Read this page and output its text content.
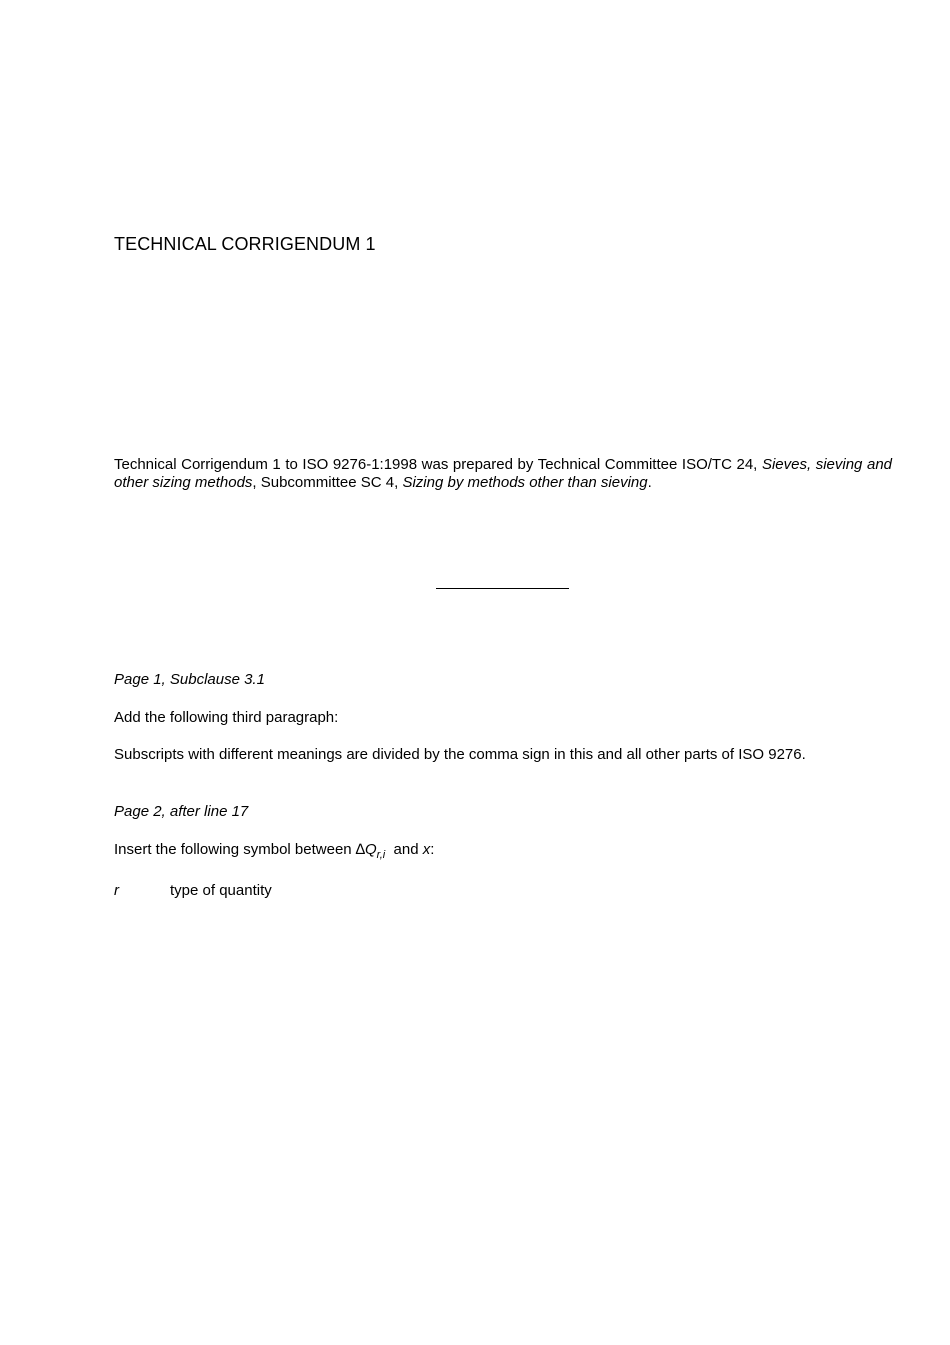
TECHNICAL CORRIGENDUM 1

Technical Corrigendum 1 to ISO 9276-1:1998 was prepared by Technical Committee ISO/TC 24, Sieves, sieving and other sizing methods, Subcommittee SC 4, Sizing by methods other than sieving.

Page 1, Subclause 3.1
Add the following third paragraph:
Subscripts with different meanings are divided by the comma sign in this and all other parts of ISO 9276.
Page 2, after line 17
Insert the following symbol between $\Delta Q_{r,i}$  and x:
r	type of quantity
